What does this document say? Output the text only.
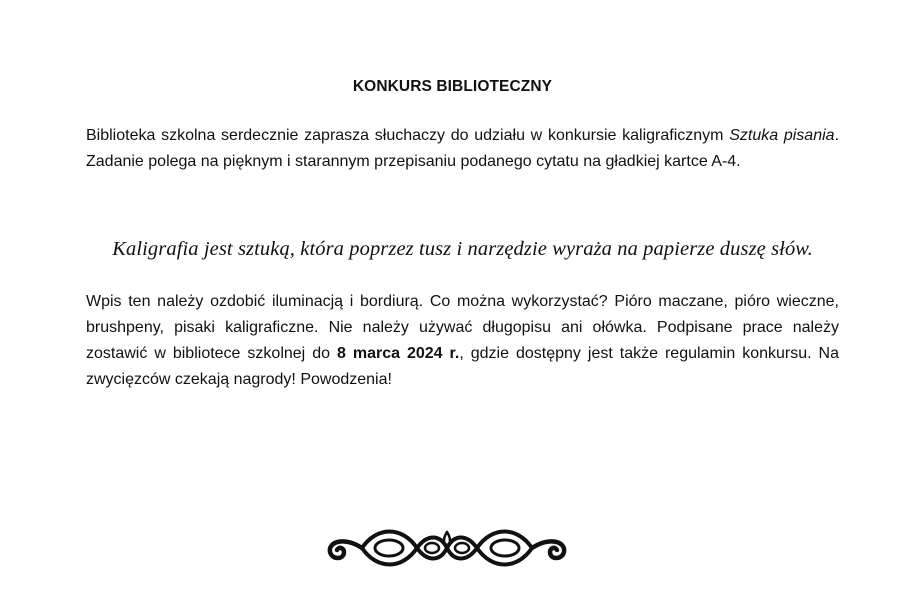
KONKURS BIBLIOTECZNY
Biblioteka szkolna serdecznie zaprasza słuchaczy do udziału w konkursie kaligraficznym Sztuka pisania. Zadanie polega na pięknym i starannym przepisaniu podanego cytatu na gładkiej kartce A-4.
Kaligrafia jest sztuką, która poprzez tusz i narzędzie wyraża na papierze duszę słów.
Wpis ten należy ozdobić iluminacją i bordiurą. Co można wykorzystać? Pióro maczane, pióro wieczne, brushpeny, pisaki kaligraficzne. Nie należy używać długopisu ani ołówka. Podpisane prace należy zostawić w bibliotece szkolnej do 8 marca 2024 r., gdzie dostępny jest także regulamin konkursu. Na zwycięzców czekają nagrody! Powodzenia!
